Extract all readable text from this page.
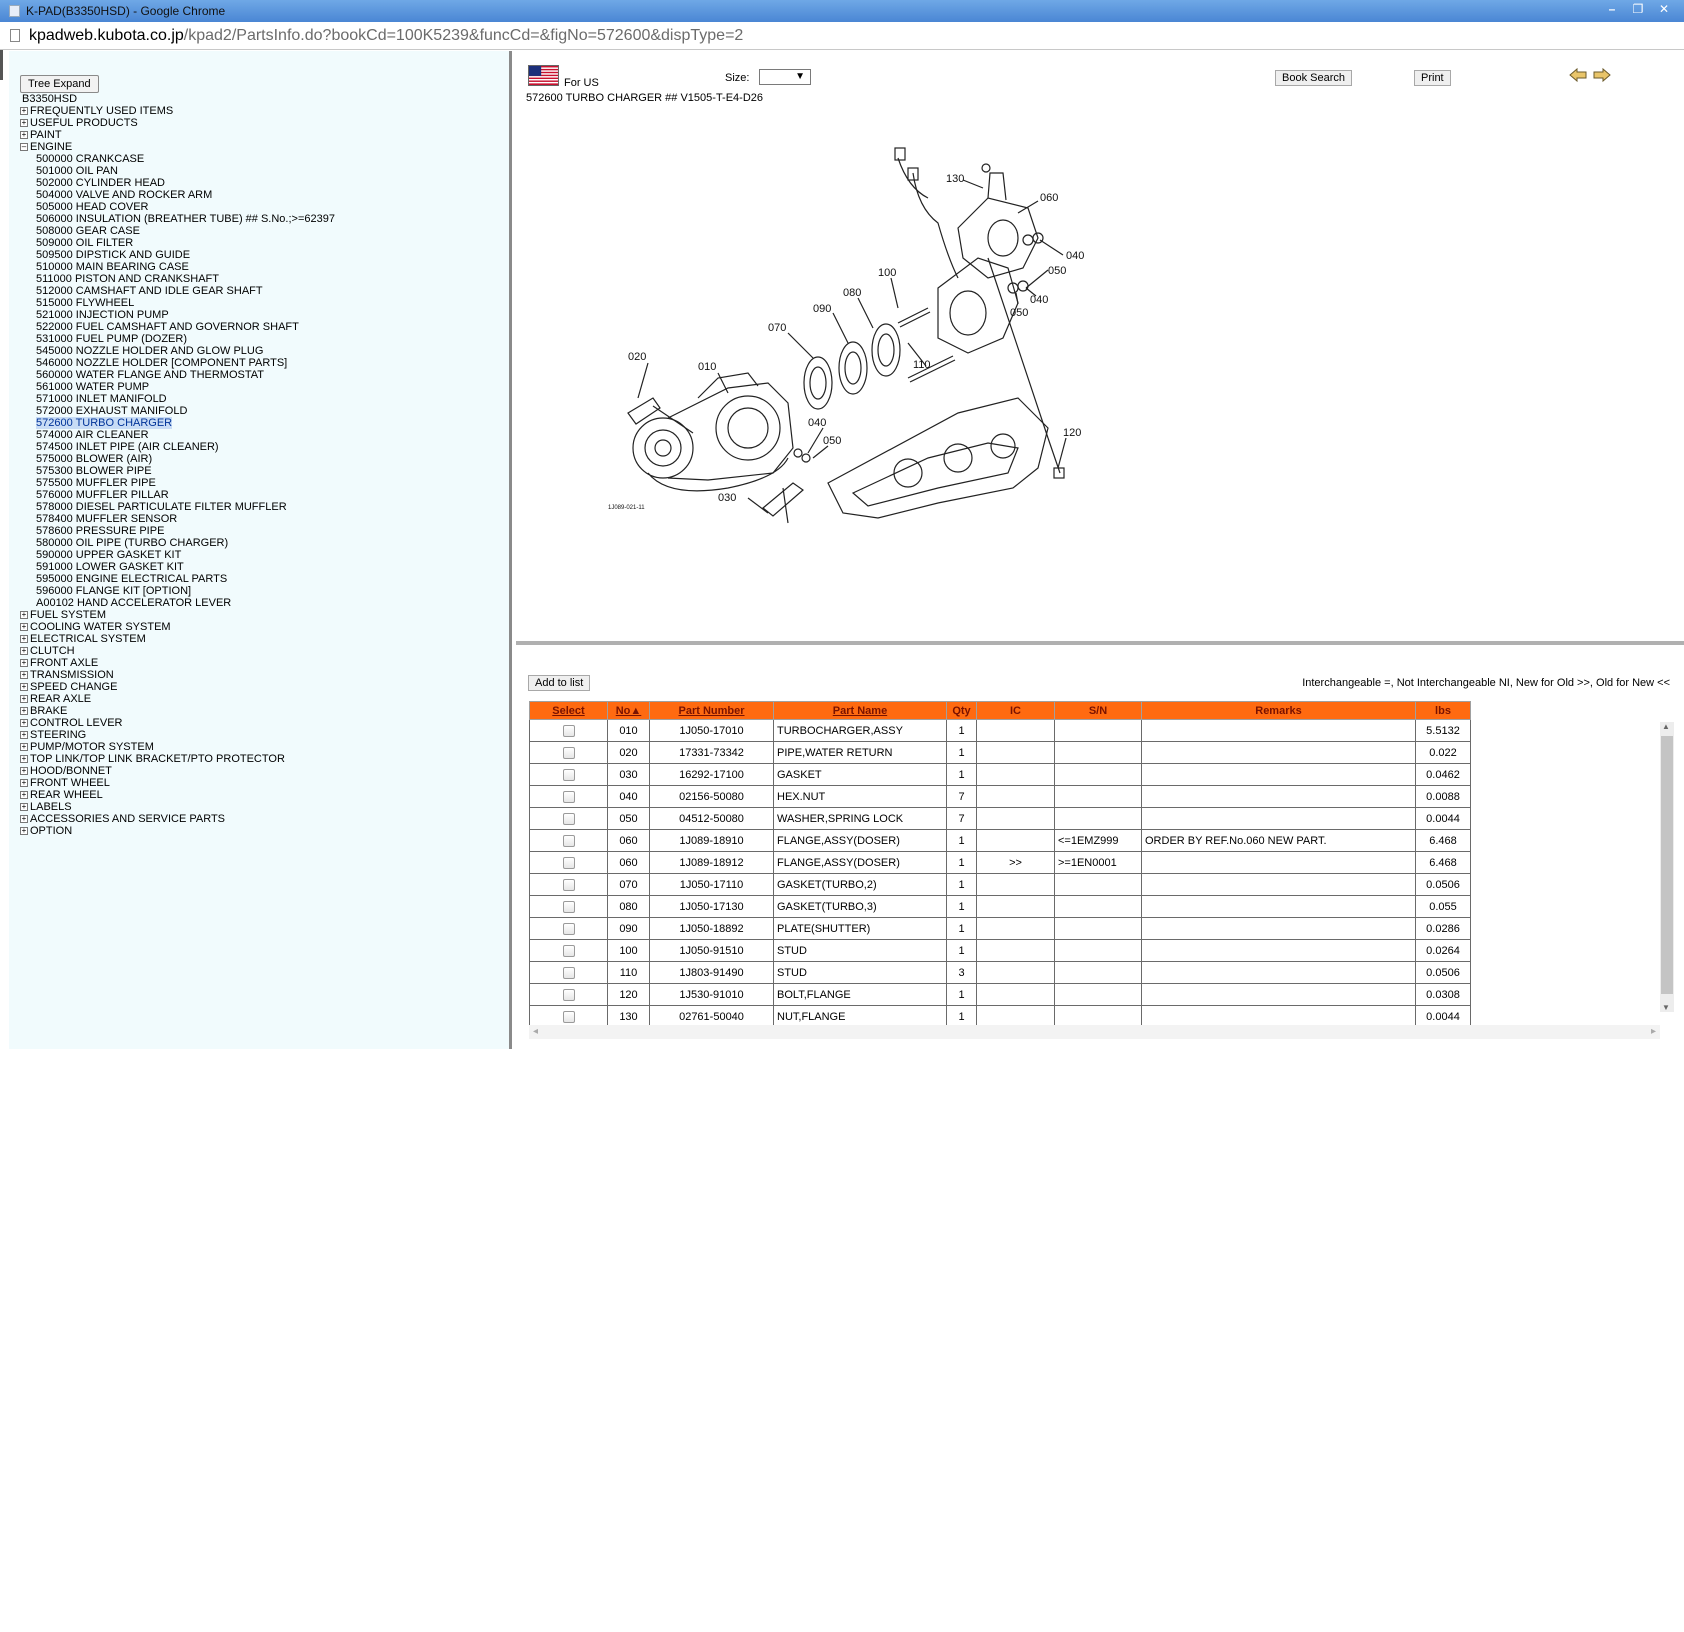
K-PAD(B3350HSD) - Google Chrome	–	❐	✕
kpadweb.kubota.co.jp/kpad2/PartsInfo.do?bookCd=100K5239&funcCd=&figNo=572600&dispType=2
Tree Expand
B3350HSD
+ FREQUENTLY USED ITEMS
+ USEFUL PRODUCTS
+ PAINT
– ENGINE
500000 CRANKCASE
501000 OIL PAN
502000 CYLINDER HEAD
504000 VALVE AND ROCKER ARM
505000 HEAD COVER
506000 INSULATION (BREATHER TUBE) ## S.No.;>=62397
508000 GEAR CASE
509000 OIL FILTER
509500 DIPSTICK AND GUIDE
510000 MAIN BEARING CASE
511000 PISTON AND CRANKSHAFT
512000 CAMSHAFT AND IDLE GEAR SHAFT
515000 FLYWHEEL
521000 INJECTION PUMP
522000 FUEL CAMSHAFT AND GOVERNOR SHAFT
531000 FUEL PUMP (DOZER)
545000 NOZZLE HOLDER AND GLOW PLUG
546000 NOZZLE HOLDER [COMPONENT PARTS]
560000 WATER FLANGE AND THERMOSTAT
561000 WATER PUMP
571000 INLET MANIFOLD
572000 EXHAUST MANIFOLD
572600 TURBO CHARGER
574000 AIR CLEANER
574500 INLET PIPE (AIR CLEANER)
575000 BLOWER (AIR)
575300 BLOWER PIPE
575500 MUFFLER PIPE
576000 MUFFLER PILLAR
578000 DIESEL PARTICULATE FILTER MUFFLER
578400 MUFFLER SENSOR
578600 PRESSURE PIPE
580000 OIL PIPE (TURBO CHARGER)
590000 UPPER GASKET KIT
591000 LOWER GASKET KIT
595000 ENGINE ELECTRICAL PARTS
596000 FLANGE KIT [OPTION]
A00102 HAND ACCELERATOR LEVER
+ FUEL SYSTEM
+ COOLING WATER SYSTEM
+ ELECTRICAL SYSTEM
+ CLUTCH
+ FRONT AXLE
+ TRANSMISSION
+ SPEED CHANGE
+ REAR AXLE
+ BRAKE
+ CONTROL LEVER
+ STEERING
+ PUMP/MOTOR SYSTEM
+ TOP LINK/TOP LINK BRACKET/PTO PROTECTOR
+ HOOD/BONNET
+ FRONT WHEEL
+ REAR WHEEL
+ LABELS
+ ACCESSORIES AND SERVICE PARTS
+ OPTION
For US	Size:	▼	Book Search	Print
572600 TURBO CHARGER ## V1505-T-E4-D26
130
060
040
050
050
040
100
080
090
070
110
020
010
040
050
120
030
1J089-021-11
Add to list	Interchangeable =, Not Interchangeable NI, New for Old >>, Old for New <<
Select	No▲	Part Number	Part Name	Qty	IC	S/N	Remarks	lbs
	010	1J050-17010	TURBOCHARGER,ASSY	1				5.5132
	020	17331-73342	PIPE,WATER RETURN	1				0.022
	030	16292-17100	GASKET	1				0.0462
	040	02156-50080	HEX.NUT	7				0.0088
	050	04512-50080	WASHER,SPRING LOCK	7				0.0044
	060	1J089-18910	FLANGE,ASSY(DOSER)	1		<=1EMZ999	ORDER BY REF.No.060 NEW PART.	6.468
	060	1J089-18912	FLANGE,ASSY(DOSER)	1	>>	>=1EN0001		6.468
	070	1J050-17110	GASKET(TURBO,2)	1				0.0506
	080	1J050-17130	GASKET(TURBO,3)	1				0.055
	090	1J050-18892	PLATE(SHUTTER)	1				0.0286
	100	1J050-91510	STUD	1				0.0264
	110	1J803-91490	STUD	3				0.0506
	120	1J530-91010	BOLT,FLANGE	1				0.0308
	130	02761-50040	NUT,FLANGE	1				0.0044
▲
▼
◂	▸
